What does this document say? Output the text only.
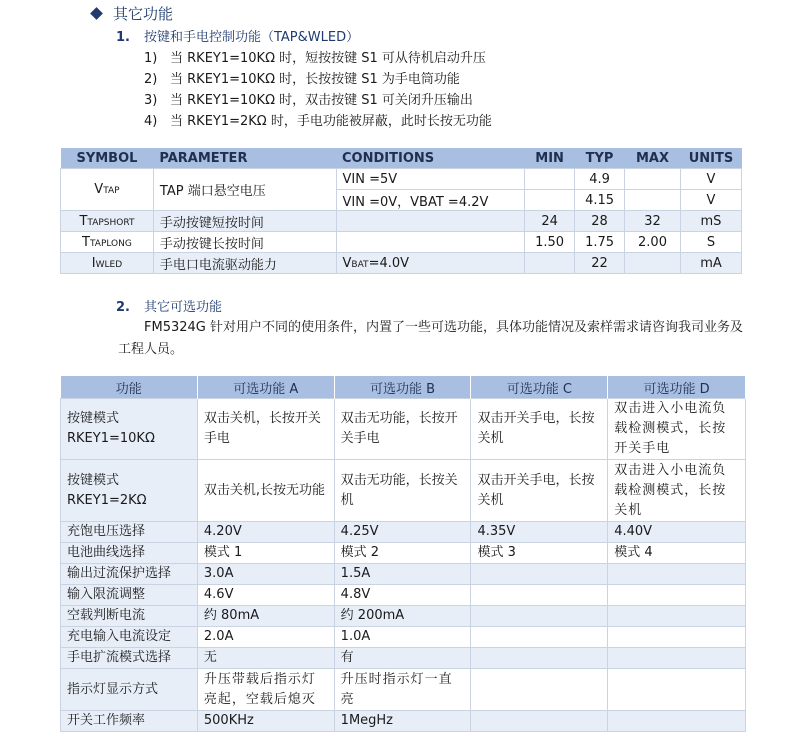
其它功能
1. 按键和手电控制功能（TAP&WLED）
1) 当 RKEY1=10KΩ 时，短按按键 S1 可从待机启动升压
2) 当 RKEY1=10KΩ 时，长按按键 S1 为手电筒功能
3) 当 RKEY1=10KΩ 时，双击按键 S1 可关闭升压输出
4) 当 RKEY1=2KΩ 时，手电功能被屏蔽，此时长按无功能
SYMBOL	PARAMETER	CONDITIONS	MIN	TYP	MAX	UNITS
VTAP	TAP 端口悬空电压	VIN =5V		4.9		V
		VIN =0V，VBAT =4.2V		4.15		V
TTAPSHORT	手动按键短按时间		24	28	32	mS
TTAPLONG	手动按键长按时间		1.50	1.75	2.00	S
IWLED	手电口电流驱动能力	VBAT=4.0V		22		mA
2. 其它可选功能
FM5324G 针对用户不同的使用条件，内置了一些可选功能，具体功能情况及索样需求请咨询我司业务及工程人员。
功能	可选功能 A	可选功能 B	可选功能 C	可选功能 D

按键模式
RKEY1=10KΩ	双击关机，长按开关手电	双击无功能，长按开关手电	双击开关手电，长按关机	双击进入小电流负载检测模式，长按开关手电

按键模式
RKEY1=2KΩ	双击关机,长按无功能	双击无功能，长按关机	双击开关手电，长按关机	双击进入小电流负载检测模式，长按关机
充饱电压选择	4.20V	4.25V	4.35V	4.40V
电池曲线选择	模式 1	模式 2	模式 3	模式 4
输出过流保护选择	3.0A	1.5A		
输入限流调整	4.6V	4.8V		
空载判断电流	约 80mA	约 200mA		
充电输入电流设定	2.0A	1.0A		
手电扩流模式选择	无	有		
指示灯显示方式	升压带载后指示灯亮起，空载后熄灭	升压时指示灯一直亮		
开关工作频率	500KHz	1MegHz		
